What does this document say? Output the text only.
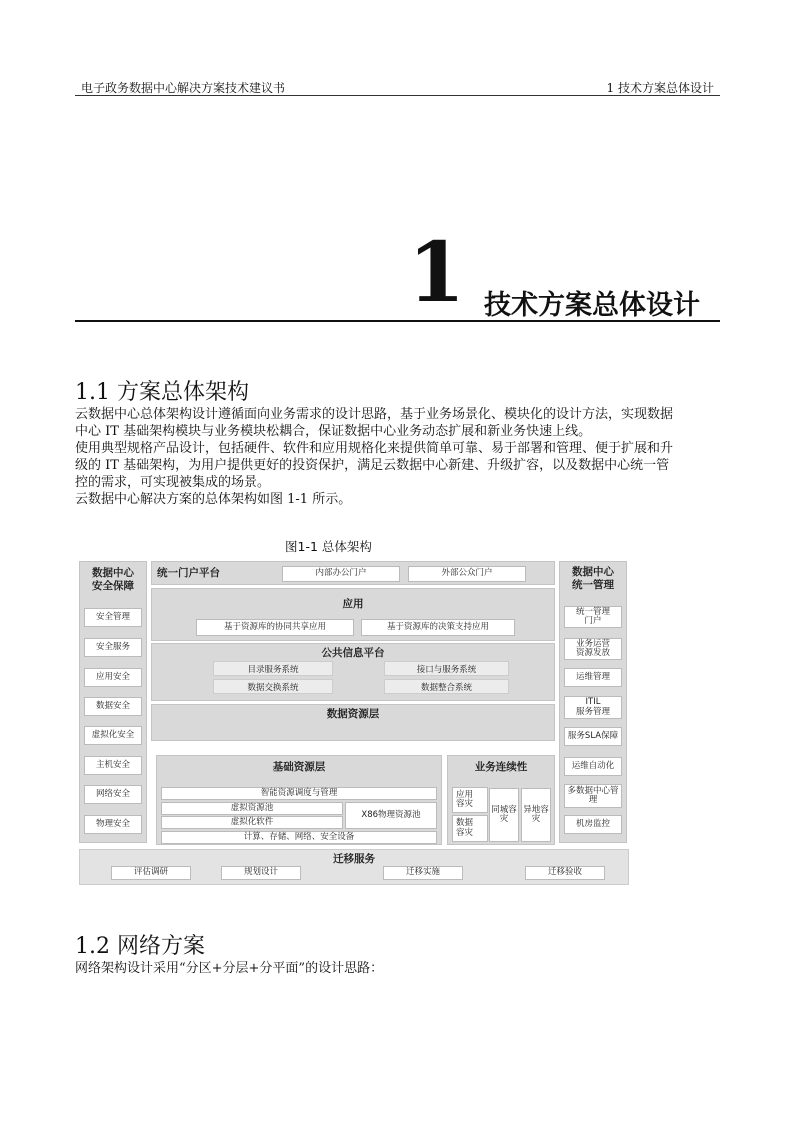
电子政务数据中心解决方案技术建议书	1 技术方案总体设计
1 技术方案总体设计
1.1 方案总体架构
云数据中心总体架构设计遵循面向业务需求的设计思路，基于业务场景化、模块化的设计方法，实现数据
中心 IT 基础架构模块与业务模块松耦合，保证数据中心业务动态扩展和新业务快速上线。
使用典型规格产品设计，包括硬件、软件和应用规格化来提供简单可靠、易于部署和管理、便于扩展和升
级的 IT 基础架构，为用户提供更好的投资保护，满足云数据中心新建、升级扩容，以及数据中心统一管
控的需求，可实现被集成的场景。
云数据中心解决方案的总体架构如图 1-1 所示。
图1-1 总体架构
数据中心
安全保障
安全管理
安全服务
应用安全
数据安全
虚拟化安全
主机安全
网络安全
物理安全
数据中心
统一管理
统一管理
门户
业务运营
资源发放
运维管理
ITIL
服务管理
服务SLA保障
运维自动化
多数据中心管
理
机房监控
统一门户平台	内部办公门户	外部公众门户
应用
基于资源库的协同共享应用	基于资源库的决策支持应用
公共信息平台
目录服务系统	接口与服务系统
数据交换系统	数据整合系统
数据资源层
基础资源层
智能资源调度与管理
虚拟资源池
虚拟化软件
X86物理资源池
计算、存储、网络、安全设备
业务连续性
应用
容灾
数据
容灾
同城容
灾
异地容
灾
迁移服务
评估调研	规划设计	迁移实施	迁移验收
1.2 网络方案
网络架构设计采用“分区+分层+分平面”的设计思路：
